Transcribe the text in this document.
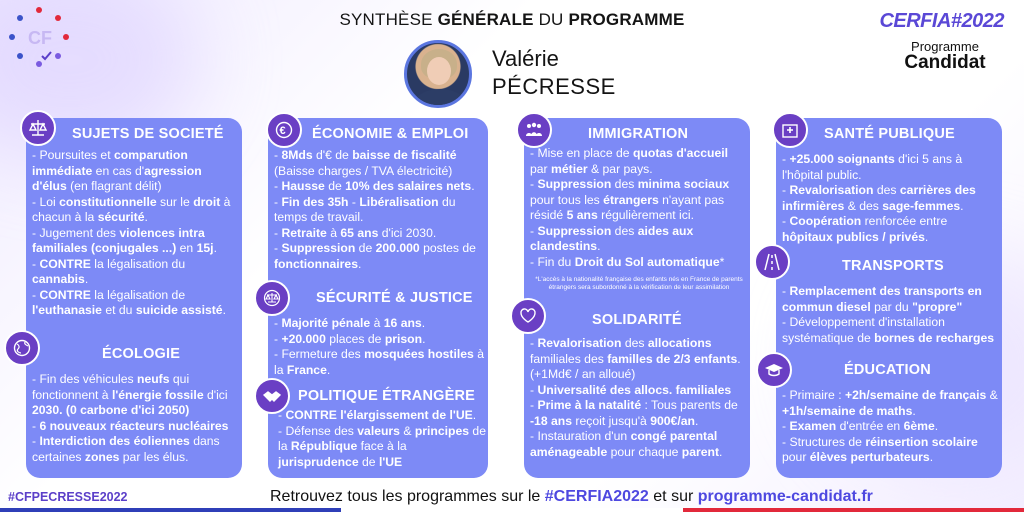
CF
SYNTHÈSE GÉNÉRALE DU PROGRAMME
Valérie
PÉCRESSE
CERFIA#2022
Programme
Candidat
€
SUJETS DE SOCIETÉ
ÉCOLOGIE
ÉCONOMIE & EMPLOI
SÉCURITÉ & JUSTICE
POLITIQUE ÉTRANGÈRE
IMMIGRATION
SOLIDARITÉ
SANTÉ PUBLIQUE
TRANSPORTS
ÉDUCATION

- Poursuites et comparution immédiate en cas d'agression d'élus (en flagrant délit)

- Loi constitutionnelle sur le droit à chacun à la sécurité.

- Jugement des violences intra familiales (conjugales ...) en 15j.

- CONTRE la légalisation du cannabis.

- CONTRE la légalisation de l'euthanasie et du suicide assisté.

- Fin des véhicules neufs qui fonctionnent à l'énergie fossile d'ici 2030. (0 carbone d'ici 2050)

- 6 nouveaux réacteurs nucléaires

- Interdiction des éoliennes dans certaines zones par les élus.

- 8Mds d'€ de baisse de fiscalité (Baisse charges / TVA électricité)

- Hausse de 10% des salaires nets.

- Fin des 35h - Libéralisation du temps de travail.

- Retraite à 65 ans d'ici 2030.

- Suppression de 200.000 postes de fonctionnaires.

- Majorité pénale à 16 ans.

- +20.000 places de prison.

- Fermeture des mosquées hostiles à la France.

- CONTRE l'élargissement de l'UE.

- Défense des valeurs & principes de la République face à la jurisprudence de l'UE

- Mise en place de quotas d'accueil par métier & par pays.

- Suppression des minima sociaux pour tous les étrangers n'ayant pas résidé 5 ans régulièrement ici.

- Suppression des aides aux clandestins.

- Fin du Droit du Sol automatique*

*L'accès à la nationalité française des enfants nés en France de parents étrangers sera subordonné à la vérification de leur assimilation

- Revalorisation des allocations familiales des familles de 2/3 enfants. (+1Md€ / an alloué)

- Universalité des allocs. familiales

- Prime à la natalité : Tous parents de -18 ans reçoit jusqu'à 900€/an.

- Instauration d'un congé parental aménageable pour chaque parent.

- +25.000 soignants d'ici 5 ans à l'hôpital public.

- Revalorisation des carrières des infirmières & des sage-femmes.

- Coopération renforcée entre hôpitaux publics / privés.

- Remplacement des transports en commun diesel par du "propre"

- Développement d'installation systématique de bornes de recharges

- Primaire : +2h/semaine de français & +1h/semaine de maths.

- Examen d'entrée en 6ème.

- Structures de réinsertion scolaire pour élèves perturbateurs.

#CFPECRESSE2022	Retrouvez tous les programmes sur le #CERFIA2022 et sur programme-candidat.fr
